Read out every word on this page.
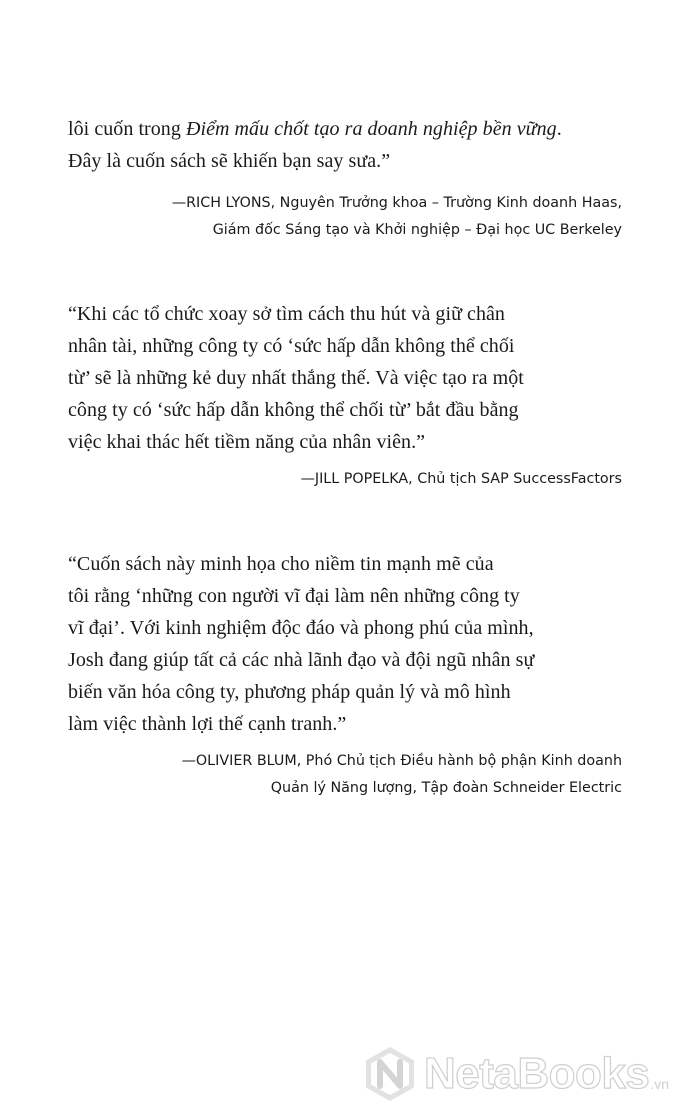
lôi cuốn trong Điểm mấu chốt tạo ra doanh nghiệp bền vững.
Đây là cuốn sách sẽ khiến bạn say sưa.”
—RICH LYONS, Nguyên Trưởng khoa – Trường Kinh doanh Haas,
Giám đốc Sáng tạo và Khởi nghiệp – Đại học UC Berkeley
“Khi các tổ chức xoay sở tìm cách thu hút và giữ chân
nhân tài, những công ty có ‘sức hấp dẫn không thể chối
từ’ sẽ là những kẻ duy nhất thắng thế. Và việc tạo ra một
công ty có ‘sức hấp dẫn không thể chối từ’ bắt đầu bằng
việc khai thác hết tiềm năng của nhân viên.”
—JILL POPELKA, Chủ tịch SAP SuccessFactors
“Cuốn sách này minh họa cho niềm tin mạnh mẽ của
tôi rằng ‘những con người vĩ đại làm nên những công ty
vĩ đại’. Với kinh nghiệm độc đáo và phong phú của mình,
Josh đang giúp tất cả các nhà lãnh đạo và đội ngũ nhân sự
biến văn hóa công ty, phương pháp quản lý và mô hình
làm việc thành lợi thế cạnh tranh.”
—OLIVIER BLUM, Phó Chủ tịch Điều hành bộ phận Kinh doanh
Quản lý Năng lượng, Tập đoàn Schneider Electric
NetaBooks .vn
